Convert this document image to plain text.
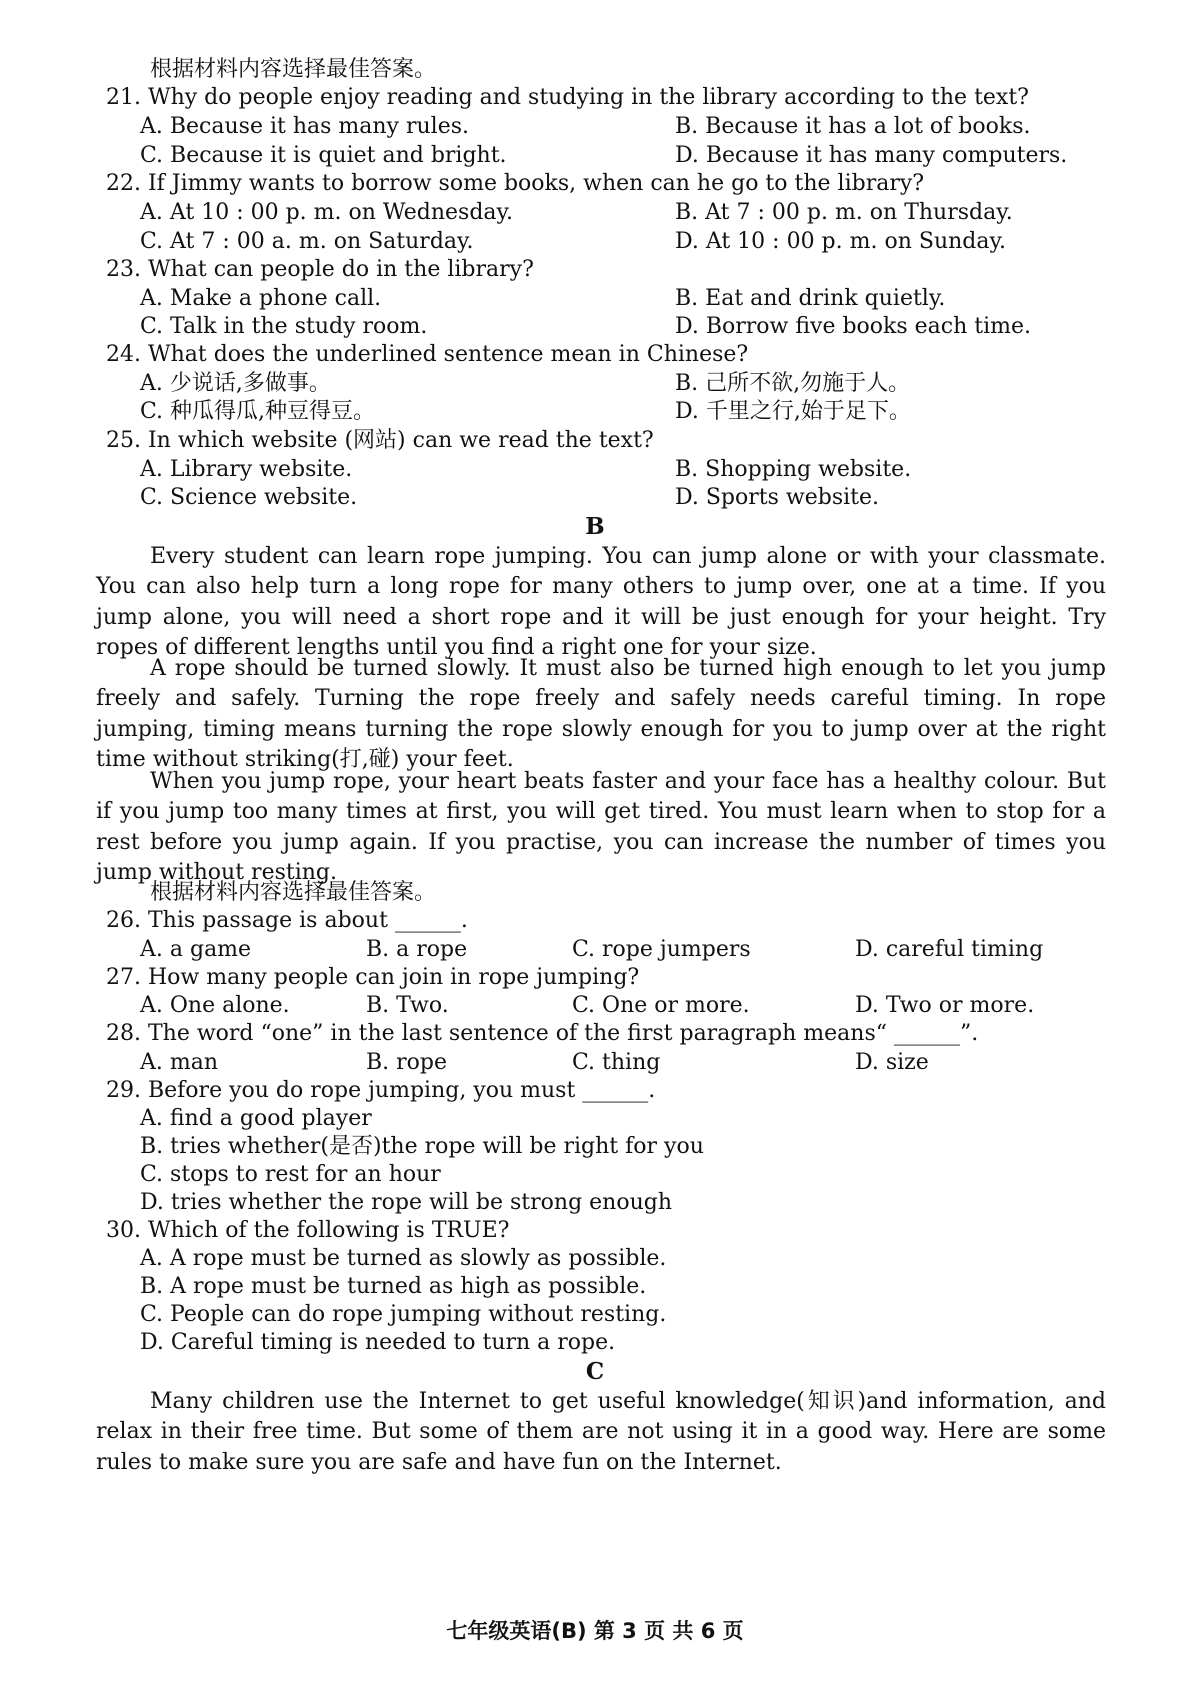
根据材料内容选择最佳答案。
21. Why do people enjoy reading and studying in the library according to the text?
A. Because it has many rules.	B. Because it has a lot of books.
C. Because it is quiet and bright.	D. Because it has many computers.
22. If Jimmy wants to borrow some books, when can he go to the library?
A. At 10 : 00 p. m. on Wednesday.	B. At 7 : 00 p. m. on Thursday.
C. At 7 : 00 a. m. on Saturday.	D. At 10 : 00 p. m. on Sunday.
23. What can people do in the library?
A. Make a phone call.	B. Eat and drink quietly.
C. Talk in the study room.	D. Borrow five books each time.
24. What does the underlined sentence mean in Chinese?
A. 少说话,多做事。	B. 己所不欲,勿施于人。
C. 种瓜得瓜,种豆得豆。	D. 千里之行,始于足下。
25. In which website (网站) can we read the text?
A. Library website.	B. Shopping website.
C. Science website.	D. Sports website.
B

Every student can learn rope jumping. You can jump alone or with your classmate. You can also help turn a long rope for many others to jump over, one at a time. If you jump alone, you will need a short rope and it will be just enough for your height. Try ropes of different lengths until you find a right one for your size.

A rope should be turned slowly. It must also be turned high enough to let you jump freely and safely. Turning the rope freely and safely needs careful timing. In rope jumping, timing means turning the rope slowly enough for you to jump over at the right time without striking(打,碰) your feet.

When you jump rope, your heart beats faster and your face has a healthy colour. But if you jump too many times at first, you will get tired. You must learn when to stop for a rest before you jump again. If you practise, you can increase the number of times you jump without resting.

根据材料内容选择最佳答案。
26. This passage is about ______.
A. a game	B. a rope	C. rope jumpers	D. careful timing
27. How many people can join in rope jumping?
A. One alone.	B. Two.	C. One or more.	D. Two or more.
28. The word “one” in the last sentence of the first paragraph means“ ______”.
A. man	B. rope	C. thing	D. size
29. Before you do rope jumping, you must ______.
A. find a good player
B. tries whether(是否)the rope will be right for you
C. stops to rest for an hour
D. tries whether the rope will be strong enough
30. Which of the following is TRUE?
A. A rope must be turned as slowly as possible.
B. A rope must be turned as high as possible.
C. People can do rope jumping without resting.
D. Careful timing is needed to turn a rope.
C

Many children use the Internet to get useful knowledge(知识)and information, and relax in their free time. But some of them are not using it in a good way. Here are some rules to make sure you are safe and have fun on the Internet.

七年级英语(B) 第 3 页 共 6 页
